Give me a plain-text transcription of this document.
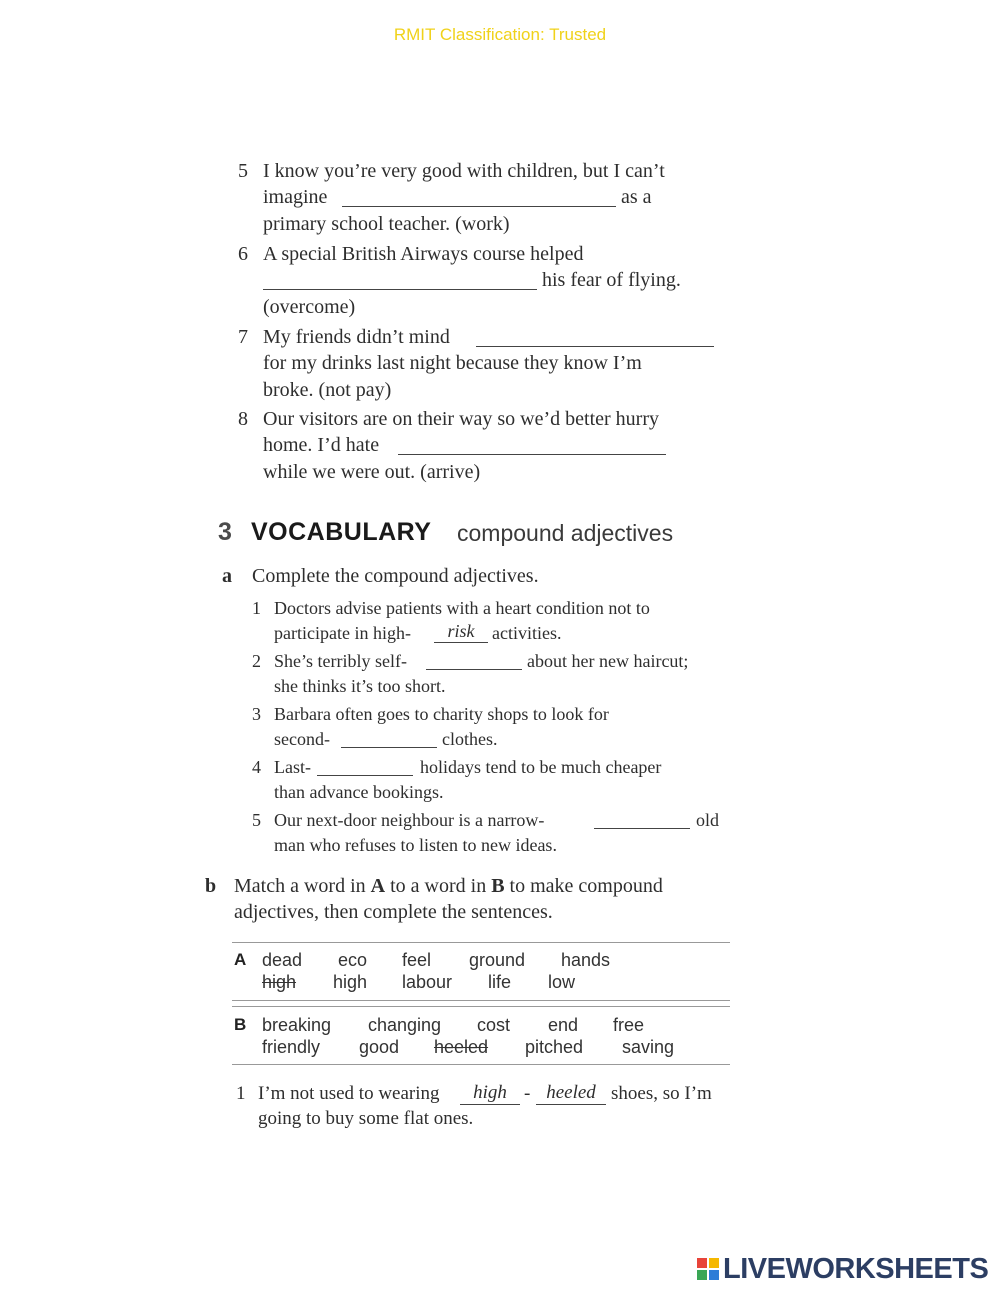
RMIT Classification: Trusted
5 I know you’re very good with children, but I can’t
imagine	as a
primary school teacher. (work)
6 A special British Airways course helped
his fear of flying.
(overcome)
7 My friends didn’t mind
for my drinks last night because they know I’m
broke. (not pay)
8 Our visitors are on their way so we’d better hurry
home. I’d hate
while we were out. (arrive)
3 VOCABULARY compound adjectives
a Complete the compound adjectives.
1 Doctors advise patients with a heart condition not to
participate in high-	risk activities.
2 She’s terribly self-	about her new haircut;
she thinks it’s too short.
3 Barbara often goes to charity shops to look for
second-	clothes.
4 Last-	holidays tend to be much cheaper
than advance bookings.
5 Our next-door neighbour is a narrow-	old
man who refuses to listen to new ideas.
b Match a word in A to a word in B to make compound
adjectives, then complete the sentences.
A dead eco feel ground hands
high high labour life low
B breaking changing cost end free
friendly good heeled pitched saving
1 I’m not used to wearing	high - heeled shoes, so I’m
going to buy some flat ones.
LIVEWORKSHEETS
